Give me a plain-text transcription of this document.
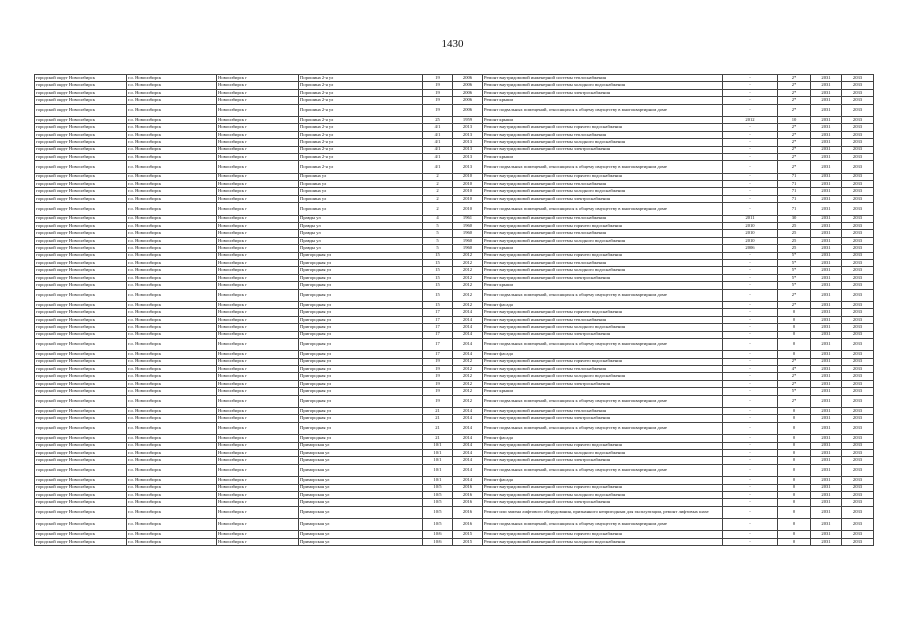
1430
городской округ Новосибирск	г.о. Новосибирск	Новосибирск г	Порошина 2-я ул	19	2006	Ремонт внутридомовой инженерной системы теплоснабжения	-	2*	2031	2033
городской округ Новосибирск	г.о. Новосибирск	Новосибирск г	Порошина 2-я ул	19	2006	Ремонт внутридомовой инженерной системы холодного водоснабжения	-	2*	2031	2033
городской округ Новосибирск	г.о. Новосибирск	Новосибирск г	Порошина 2-я ул	19	2006	Ремонт внутридомовой инженерной системы электроснабжения	-	2*	2031	2033
городской округ Новосибирск	г.о. Новосибирск	Новосибирск г	Порошина 2-я ул	19	2006	Ремонт крыши	-	2*	2031	2033
городской округ Новосибирск	г.о. Новосибирск	Новосибирск г	Порошина 2-я ул	19	2006	Ремонт подвальных помещений, относящихся к общему имуществу в многоквартирном доме	-	2*	2031	2033
городской округ Новосибирск	г.о. Новосибирск	Новосибирск г	Порошина 2-я ул	25	1959	Ремонт крыши	2012	10	2031	2033
городской округ Новосибирск	г.о. Новосибирск	Новосибирск г	Порошина 2-я ул	4/1	2013	Ремонт внутридомовой инженерной системы горячего водоснабжения	-	2*	2031	2033
городской округ Новосибирск	г.о. Новосибирск	Новосибирск г	Порошина 2-я ул	4/1	2013	Ремонт внутридомовой инженерной системы теплоснабжения	-	2*	2031	2033
городской округ Новосибирск	г.о. Новосибирск	Новосибирск г	Порошина 2-я ул	4/1	2013	Ремонт внутридомовой инженерной системы холодного водоснабжения	-	2*	2031	2033
городской округ Новосибирск	г.о. Новосибирск	Новосибирск г	Порошина 2-я ул	4/1	2013	Ремонт внутридомовой инженерной системы электроснабжения	-	2*	2031	2033
городской округ Новосибирск	г.о. Новосибирск	Новосибирск г	Порошина 2-я ул	4/1	2013	Ремонт крыши	-	2*	2031	2033
городской округ Новосибирск	г.о. Новосибирск	Новосибирск г	Порошина 2-я ул	4/1	2013	Ремонт подвальных помещений, относящихся к общему имуществу в многоквартирном доме	-	2*	2031	2033
городской округ Новосибирск	г.о. Новосибирск	Новосибирск г	Порошина ул	2	2010	Ремонт внутридомовой инженерной системы горячего водоснабжения	-	71	2031	2033
городской округ Новосибирск	г.о. Новосибирск	Новосибирск г	Порошина ул	2	2010	Ремонт внутридомовой инженерной системы теплоснабжения	-	71	2031	2033
городской округ Новосибирск	г.о. Новосибирск	Новосибирск г	Порошина ул	2	2010	Ремонт внутридомовой инженерной системы холодного водоснабжения	-	71	2031	2033
городской округ Новосибирск	г.о. Новосибирск	Новосибирск г	Порошина ул	2	2010	Ремонт внутридомовой инженерной системы электроснабжения	-	71	2031	2033
городской округ Новосибирск	г.о. Новосибирск	Новосибирск г	Порошина ул	2	2010	Ремонт подвальных помещений, относящихся к общему имуществу в многоквартирном доме	-	71	2031	2033
городской округ Новосибирск	г.о. Новосибирск	Новосибирск г	Правды ул	4	1961	Ремонт внутридомовой инженерной системы теплоснабжения	2011	30	2031	2033
городской округ Новосибирск	г.о. Новосибирск	Новосибирск г	Правды ул	5	1960	Ремонт внутридомовой инженерной системы горячего водоснабжения	2010	25	2031	2033
городской округ Новосибирск	г.о. Новосибирск	Новосибирск г	Правды ул	5	1960	Ремонт внутридомовой инженерной системы теплоснабжения	2010	25	2031	2033
городской округ Новосибирск	г.о. Новосибирск	Новосибирск г	Правды ул	5	1960	Ремонт внутридомовой инженерной системы холодного водоснабжения	2010	25	2031	2033
городской округ Новосибирск	г.о. Новосибирск	Новосибирск г	Правды ул	5	1960	Ремонт крыши	2006	25	2031	2033
городской округ Новосибирск	г.о. Новосибирск	Новосибирск г	Пригородная ул	15	2012	Ремонт внутридомовой инженерной системы горячего водоснабжения	-	5*	2031	2033
городской округ Новосибирск	г.о. Новосибирск	Новосибирск г	Пригородная ул	15	2012	Ремонт внутридомовой инженерной системы теплоснабжения	-	5*	2031	2033
городской округ Новосибирск	г.о. Новосибирск	Новосибирск г	Пригородная ул	15	2012	Ремонт внутридомовой инженерной системы холодного водоснабжения	-	5*	2031	2033
городской округ Новосибирск	г.о. Новосибирск	Новосибирск г	Пригородная ул	15	2012	Ремонт внутридомовой инженерной системы электроснабжения	-	5*	2031	2033
городской округ Новосибирск	г.о. Новосибирск	Новосибирск г	Пригородная ул	15	2012	Ремонт крыши	-	5*	2031	2033
городской округ Новосибирск	г.о. Новосибирск	Новосибирск г	Пригородная ул	15	2012	Ремонт подвальных помещений, относящихся к общему имуществу в многоквартирном доме	-	2*	2031	2033
городской округ Новосибирск	г.о. Новосибирск	Новосибирск г	Пригородная ул	15	2012	Ремонт фасада	-	2*	2031	2033
городской округ Новосибирск	г.о. Новосибирск	Новосибирск г	Пригородная ул	17	2014	Ремонт внутридомовой инженерной системы горячего водоснабжения	-	0	2031	2033
городской округ Новосибирск	г.о. Новосибирск	Новосибирск г	Пригородная ул	17	2014	Ремонт внутридомовой инженерной системы теплоснабжения	-	0	2031	2033
городской округ Новосибирск	г.о. Новосибирск	Новосибирск г	Пригородная ул	17	2014	Ремонт внутридомовой инженерной системы холодного водоснабжения	-	0	2031	2033
городской округ Новосибирск	г.о. Новосибирск	Новосибирск г	Пригородная ул	17	2014	Ремонт внутридомовой инженерной системы электроснабжения	-	0	2031	2033
городской округ Новосибирск	г.о. Новосибирск	Новосибирск г	Пригородная ул	17	2014	Ремонт подвальных помещений, относящихся к общему имуществу в многоквартирном доме	-	0	2031	2033
городской округ Новосибирск	г.о. Новосибирск	Новосибирск г	Пригородная ул	17	2014	Ремонт фасада	-	0	2031	2033
городской округ Новосибирск	г.о. Новосибирск	Новосибирск г	Пригородная ул	19	2012	Ремонт внутридомовой инженерной системы горячего водоснабжения	-	2*	2031	2033
городской округ Новосибирск	г.о. Новосибирск	Новосибирск г	Пригородная ул	19	2012	Ремонт внутридомовой инженерной системы теплоснабжения	-	4*	2031	2033
городской округ Новосибирск	г.о. Новосибирск	Новосибирск г	Пригородная ул	19	2012	Ремонт внутридомовой инженерной системы холодного водоснабжения	-	2*	2031	2033
городской округ Новосибирск	г.о. Новосибирск	Новосибирск г	Пригородная ул	19	2012	Ремонт внутридомовой инженерной системы электроснабжения	-	2*	2031	2033
городской округ Новосибирск	г.о. Новосибирск	Новосибирск г	Пригородная ул	19	2012	Ремонт крыши	-	5*	2031	2033
городской округ Новосибирск	г.о. Новосибирск	Новосибирск г	Пригородная ул	19	2012	Ремонт подвальных помещений, относящихся к общему имуществу в многоквартирном доме	-	2*	2031	2033
городской округ Новосибирск	г.о. Новосибирск	Новосибирск г	Пригородная ул	21	2014	Ремонт внутридомовой инженерной системы теплоснабжения	-	0	2031	2033
городской округ Новосибирск	г.о. Новосибирск	Новосибирск г	Пригородная ул	21	2014	Ремонт внутридомовой инженерной системы электроснабжения	-	0	2031	2033
городской округ Новосибирск	г.о. Новосибирск	Новосибирск г	Пригородная ул	21	2014	Ремонт подвальных помещений, относящихся к общему имуществу в многоквартирном доме	-	0	2031	2033
городской округ Новосибирск	г.о. Новосибирск	Новосибирск г	Пригородная ул	21	2014	Ремонт фасада	-	0	2031	2033
городской округ Новосибирск	г.о. Новосибирск	Новосибирск г	Приморская ул	10/1	2014	Ремонт внутридомовой инженерной системы горячего водоснабжения	-	0	2031	2033
городской округ Новосибирск	г.о. Новосибирск	Новосибирск г	Приморская ул	10/1	2014	Ремонт внутридомовой инженерной системы холодного водоснабжения	-	0	2031	2033
городской округ Новосибирск	г.о. Новосибирск	Новосибирск г	Приморская ул	10/1	2014	Ремонт внутридомовой инженерной системы электроснабжения	-	0	2031	2033
городской округ Новосибирск	г.о. Новосибирск	Новосибирск г	Приморская ул	10/1	2014	Ремонт подвальных помещений, относящихся к общему имуществу в многоквартирном доме	-	0	2031	2033
городской округ Новосибирск	г.о. Новосибирск	Новосибирск г	Приморская ул	10/1	2014	Ремонт фасада	-	0	2031	2033
городской округ Новосибирск	г.о. Новосибирск	Новосибирск г	Приморская ул	10/5	2016	Ремонт внутридомовой инженерной системы горячего водоснабжения	-	0	2031	2033
городской округ Новосибирск	г.о. Новосибирск	Новосибирск г	Приморская ул	10/5	2016	Ремонт внутридомовой инженерной системы холодного водоснабжения	-	0	2031	2033
городской округ Новосибирск	г.о. Новосибирск	Новосибирск г	Приморская ул	10/5	2016	Ремонт внутридомовой инженерной системы электроснабжения	-	0	2031	2033
городской округ Новосибирск	г.о. Новосибирск	Новосибирск г	Приморская ул	10/5	2016	Ремонт или замена лифтового оборудования, признанного непригодным для эксплуатации, ремонт лифтовых шахт	-	0	2031	2033
городской округ Новосибирск	г.о. Новосибирск	Новосибирск г	Приморская ул	10/5	2016	Ремонт подвальных помещений, относящихся к общему имуществу в многоквартирном доме	-	0	2031	2033
городской округ Новосибирск	г.о. Новосибирск	Новосибирск г	Приморская ул	10/6	2015	Ремонт внутридомовой инженерной системы горячего водоснабжения	-	0	2031	2033
городской округ Новосибирск	г.о. Новосибирск	Новосибирск г	Приморская ул	10/6	2015	Ремонт внутридомовой инженерной системы холодного водоснабжения	-	0	2031	2033
